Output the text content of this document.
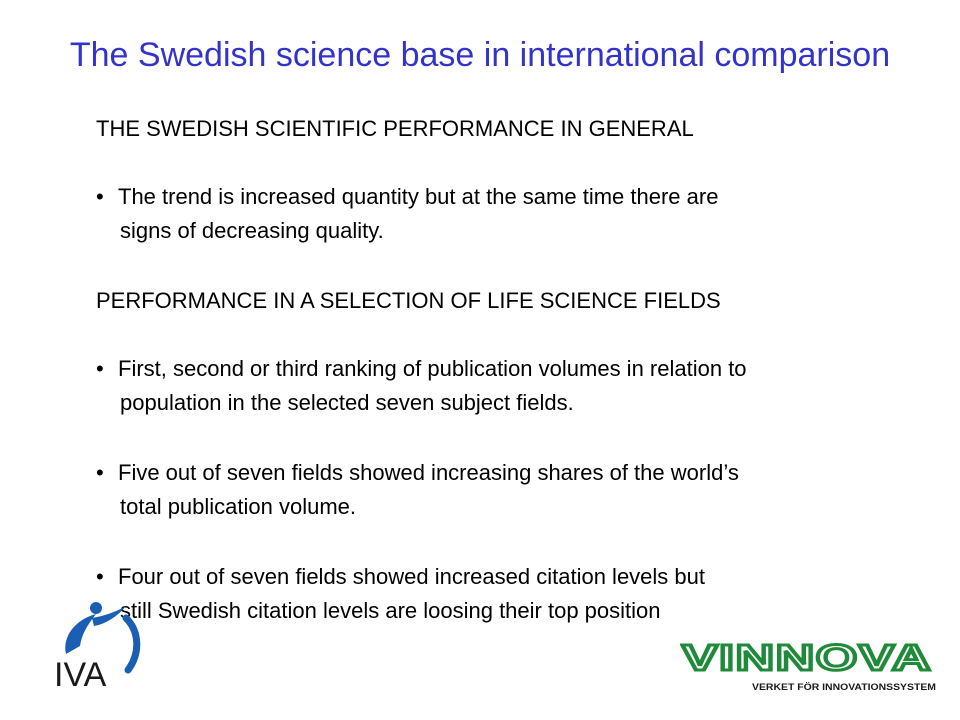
The Swedish science base in international comparison
THE SWEDISH SCIENTIFIC PERFORMANCE IN GENERAL
• The trend is increased quantity but at the same time there are
signs of decreasing quality.
PERFORMANCE IN A SELECTION OF LIFE SCIENCE FIELDS
• First, second or third ranking of publication volumes in relation to
population in the selected seven subject fields.
• Five out of seven fields showed increasing shares of the world’s
total publication volume.
• Four out of seven fields showed increased citation levels but
still Swedish citation levels are loosing their top position
IVA	VINNOVA
VERKET FÖR INNOVATIONSSYSTEM
